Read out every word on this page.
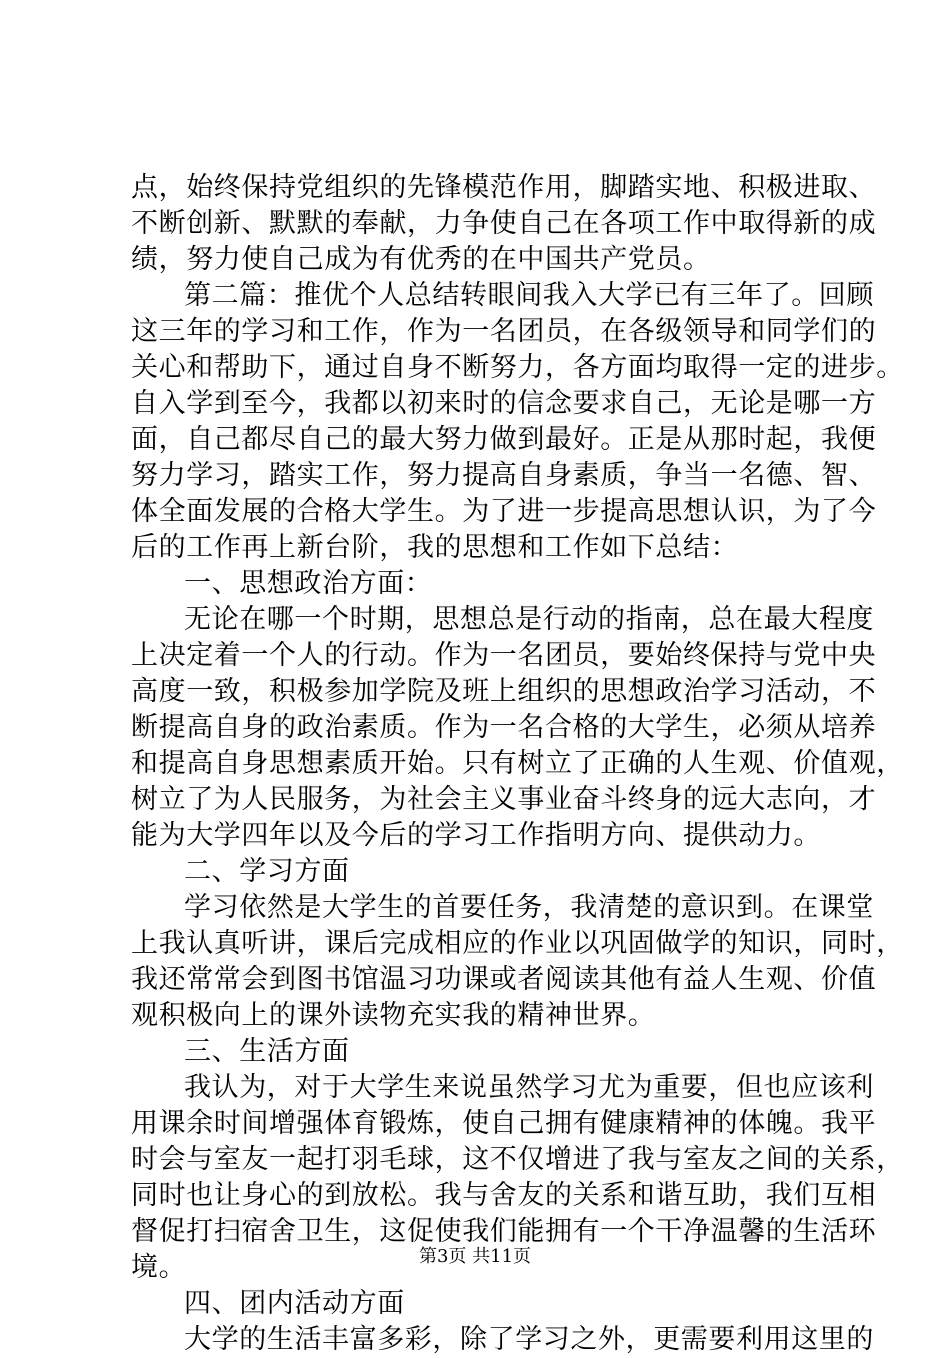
点，始终保持党组织的先锋模范作用，脚踏实地、积极进取、
不断创新、默默的奉献，力争使自己在各项工作中取得新的成
绩，努力使自己成为有优秀的在中国共产党员。
第二篇：推优个人总结转眼间我入大学已有三年了。回顾
这三年的学习和工作，作为一名团员，在各级领导和同学们的
关心和帮助下，通过自身不断努力，各方面均取得一定的进步。
自入学到至今，我都以初来时的信念要求自己，无论是哪一方
面，自己都尽自己的最大努力做到最好。正是从那时起，我便
努力学习，踏实工作，努力提高自身素质，争当一名德、智、
体全面发展的合格大学生。为了进一步提高思想认识，为了今
后的工作再上新台阶，我的思想和工作如下总结：
一、思想政治方面：
无论在哪一个时期，思想总是行动的指南，总在最大程度
上决定着一个人的行动。作为一名团员，要始终保持与党中央
高度一致，积极参加学院及班上组织的思想政治学习活动，不
断提高自身的政治素质。作为一名合格的大学生，必须从培养
和提高自身思想素质开始。只有树立了正确的人生观、价值观，
树立了为人民服务，为社会主义事业奋斗终身的远大志向，才
能为大学四年以及今后的学习工作指明方向、提供动力。
二、学习方面
学习依然是大学生的首要任务，我清楚的意识到。在课堂
上我认真听讲，课后完成相应的作业以巩固做学的知识，同时，
我还常常会到图书馆温习功课或者阅读其他有益人生观、价值
观积极向上的课外读物充实我的精神世界。
三、生活方面
我认为，对于大学生来说虽然学习尤为重要，但也应该利
用课余时间增强体育锻炼，使自己拥有健康精神的体魄。我平
时会与室友一起打羽毛球，这不仅增进了我与室友之间的关系，
同时也让身心的到放松。我与舍友的关系和谐互助，我们互相
督促打扫宿舍卫生，这促使我们能拥有一个干净温馨的生活环
境。
四、团内活动方面
大学的生活丰富多彩，除了学习之外，更需要利用这里的
第3页 共11页
